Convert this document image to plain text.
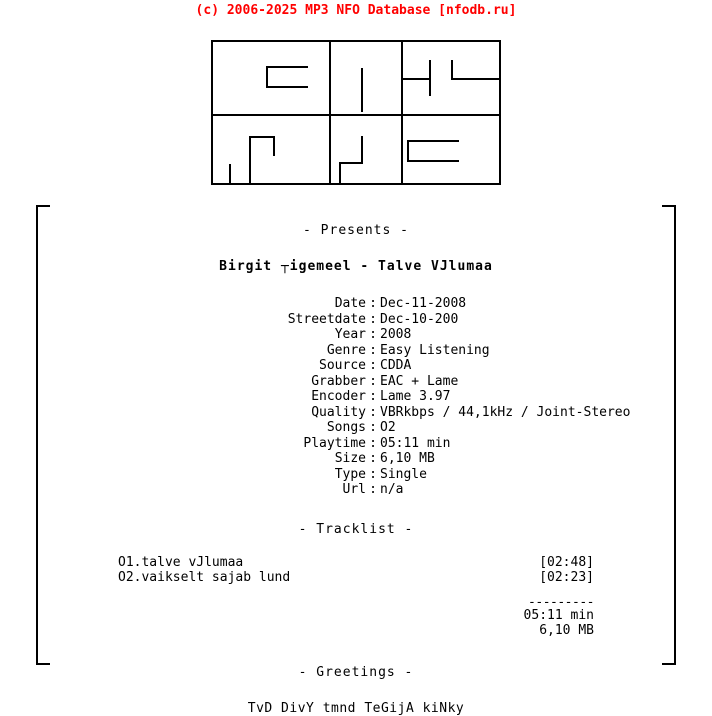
(c) 2006-2025 MP3 NFO Database [nfodb.ru]
- Presents -
Birgit ┬igemeel - Talve VJlumaa
Date : Dec-11-2008
Streetdate : Dec-10-200
Year : 2008
Genre : Easy Listening
Source : CDDA
Grabber : EAC + Lame
Encoder : Lame 3.97
Quality : VBRkbps / 44,1kHz / Joint-Stereo
Songs : O2
Playtime : 05:11 min
Size : 6,10 MB
Type : Single
Url : n/a
- Tracklist -
O1.talve vJlumaa	[02:48]
O2.vaikselt sajab lund	[02:23]
---------
05:11 min
6,10 MB
- Greetings -
TvD DivY tmnd TeGijA kiNky
